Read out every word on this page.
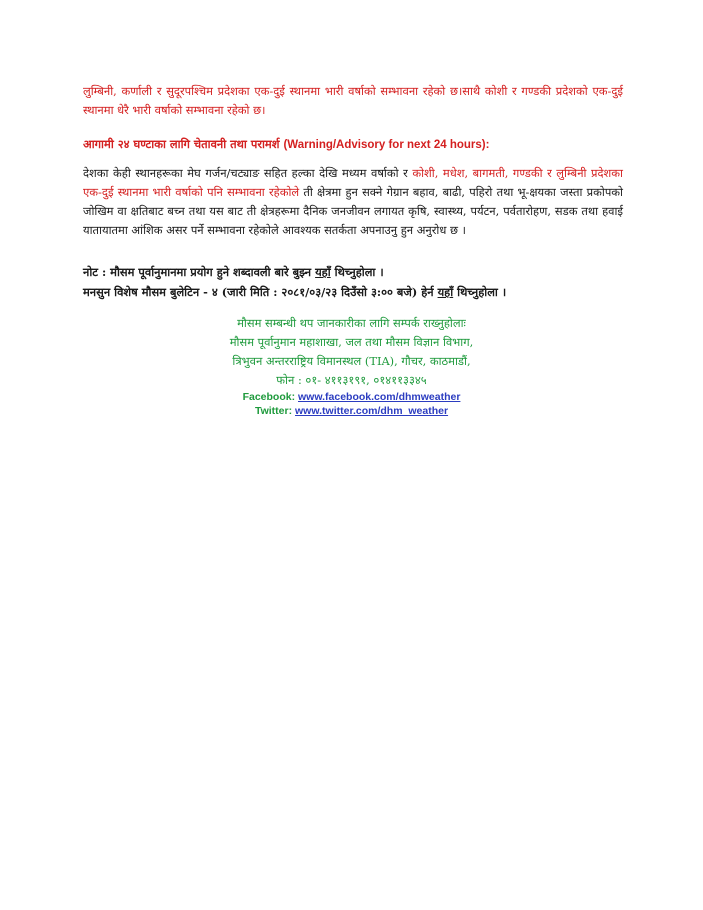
लुम्बिनी, कर्णाली र सुदूरपश्चिम प्रदेशका एक-दुई स्थानमा भारी वर्षाको सम्भावना रहेको छ।साथै कोशी र गण्डकी प्रदेशको एक-दुई स्थानमा धेरै भारी वर्षाको सम्भावना रहेको छ।
आगामी २४ घण्टाका लागि चेतावनी तथा परामर्श (Warning/Advisory for next 24 hours):
देशका केही स्थानहरूका मेघ गर्जन/चट्याङ सहित हल्का देखि मध्यम वर्षाको र कोशी, मधेश, बागमती, गण्डकी र लुम्बिनी प्रदेशका एक-दुई स्थानमा भारी वर्षाको पनि सम्भावना रहेकोले ती क्षेत्रमा हुन सक्ने गेग्रान बहाव, बाढी, पहिरो तथा भू-क्षयका जस्ता प्रकोपको जोखिम वा क्षतिबाट बच्न तथा यस बाट ती क्षेत्रहरूमा दैनिक जनजीवन लगायत कृषि, स्वास्थ्य, पर्यटन, पर्वतारोहण, सडक तथा हवाई यातायातमा आंशिक असर पर्ने सम्भावना रहेकोले आवश्यक सतर्कता अपनाउनु हुन अनुरोध छ ।
नोट : मौसम पूर्वानुमानमा प्रयोग हुने शब्दावली बारे बुझ्न यहाँ थिच्नुहोला ।
मनसुन विशेष मौसम बुलेटिन - ४ (जारी मिति : २०८१/०३/२३ दिउँसो ३:०० बजे) हेर्न यहाँ थिच्नुहोला ।
मौसम सम्बन्धी थप जानकारीका लागि सम्पर्क राख्नुहोलाः
मौसम पूर्वानुमान महाशाखा, जल तथा मौसम विज्ञान विभाग,
त्रिभुवन अन्तरराष्ट्रिय विमानस्थल (TIA), गौचर, काठमाडौं,
फोन : ०१- ४११३१९१, ०१४११३३४५
Facebook: www.facebook.com/dhmweather
Twitter: www.twitter.com/dhm_weather
